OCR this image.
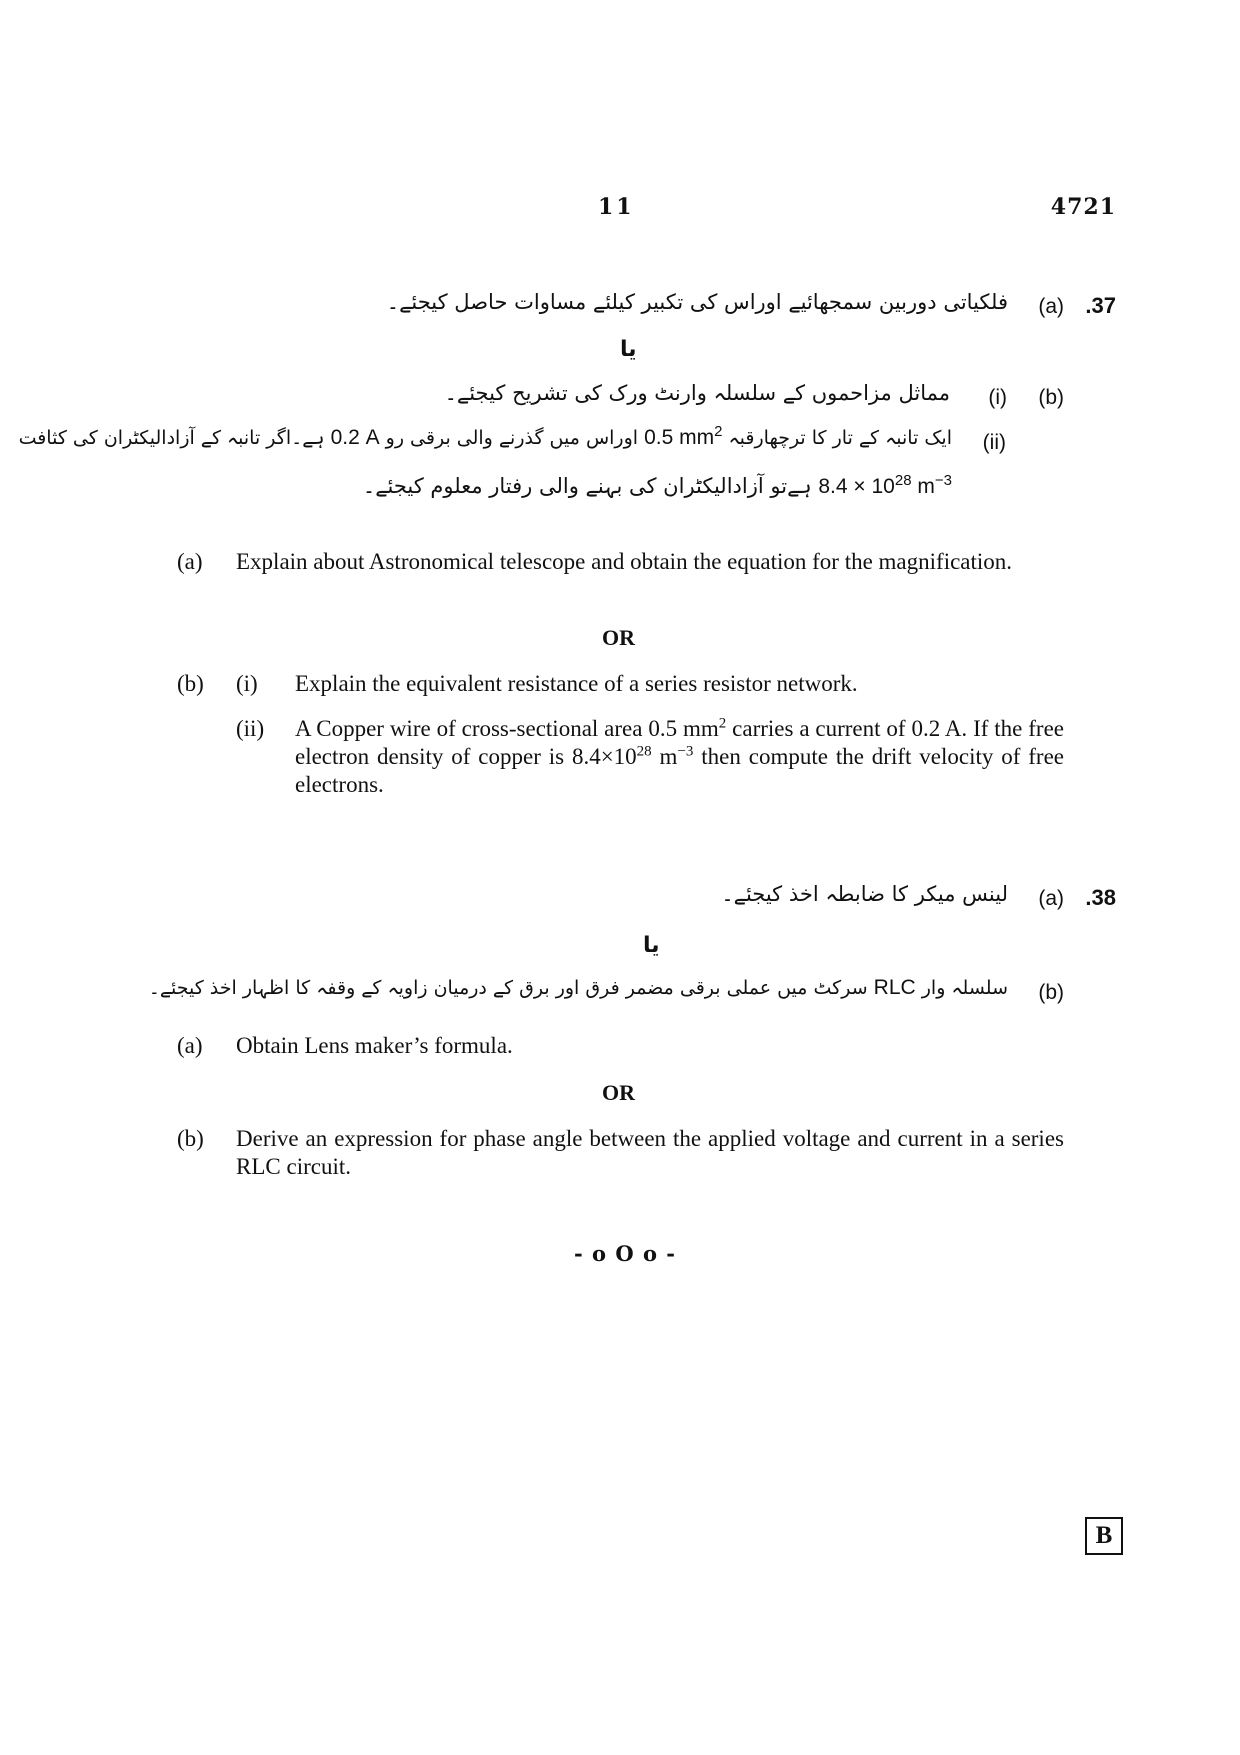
11	4721
.37
(a)
فلکیاتی دوربین سمجھائیے اوراس کی تکبیر کیلئے مساوات حاصل کیجئے۔
یا
(b)
(i)
مماثل مزاحموں کے سلسلہ وارنٹ ورک کی تشریح کیجئے۔
(ii)
ایک تانبہ کے تار کا ترچھارقبہ 0.5 $mm^2$ اوراس میں گذرنے والی برقی رو 0.2 A ہے۔اگر تانبہ کے آزادالیکٹران کی کثافت
$8.4 \times 10^{28}$ $m^{-3}$ ہےتو آزادالیکٹران کی بہنے والی رفتار معلوم کیجئے۔
(a) Explain about Astronomical telescope and obtain the equation for the magnification.
OR
(b) (i) Explain the equivalent resistance of a series resistor network.
(ii) A Copper wire of cross-sectional area 0.5 $mm^2$ carries a current of 0.2 A. If the free electron density of copper is $8.4\times 10^{28}$ $m^{-3}$ then compute the drift velocity of free electrons.
.38
(a)
لینس میکر کا ضابطہ اخذ کیجئے۔
یا
(b)
سلسلہ وار RLC سرکٹ میں عملی برقی مضمر فرق اور برق کے درمیان زاویہ کے وقفہ کا اظہار اخذ کیجئے۔
(a) Obtain Lens maker’s formula.
OR
(b) Derive an expression for phase angle between the applied voltage and current in a series RLC circuit.
- o O o -
B
